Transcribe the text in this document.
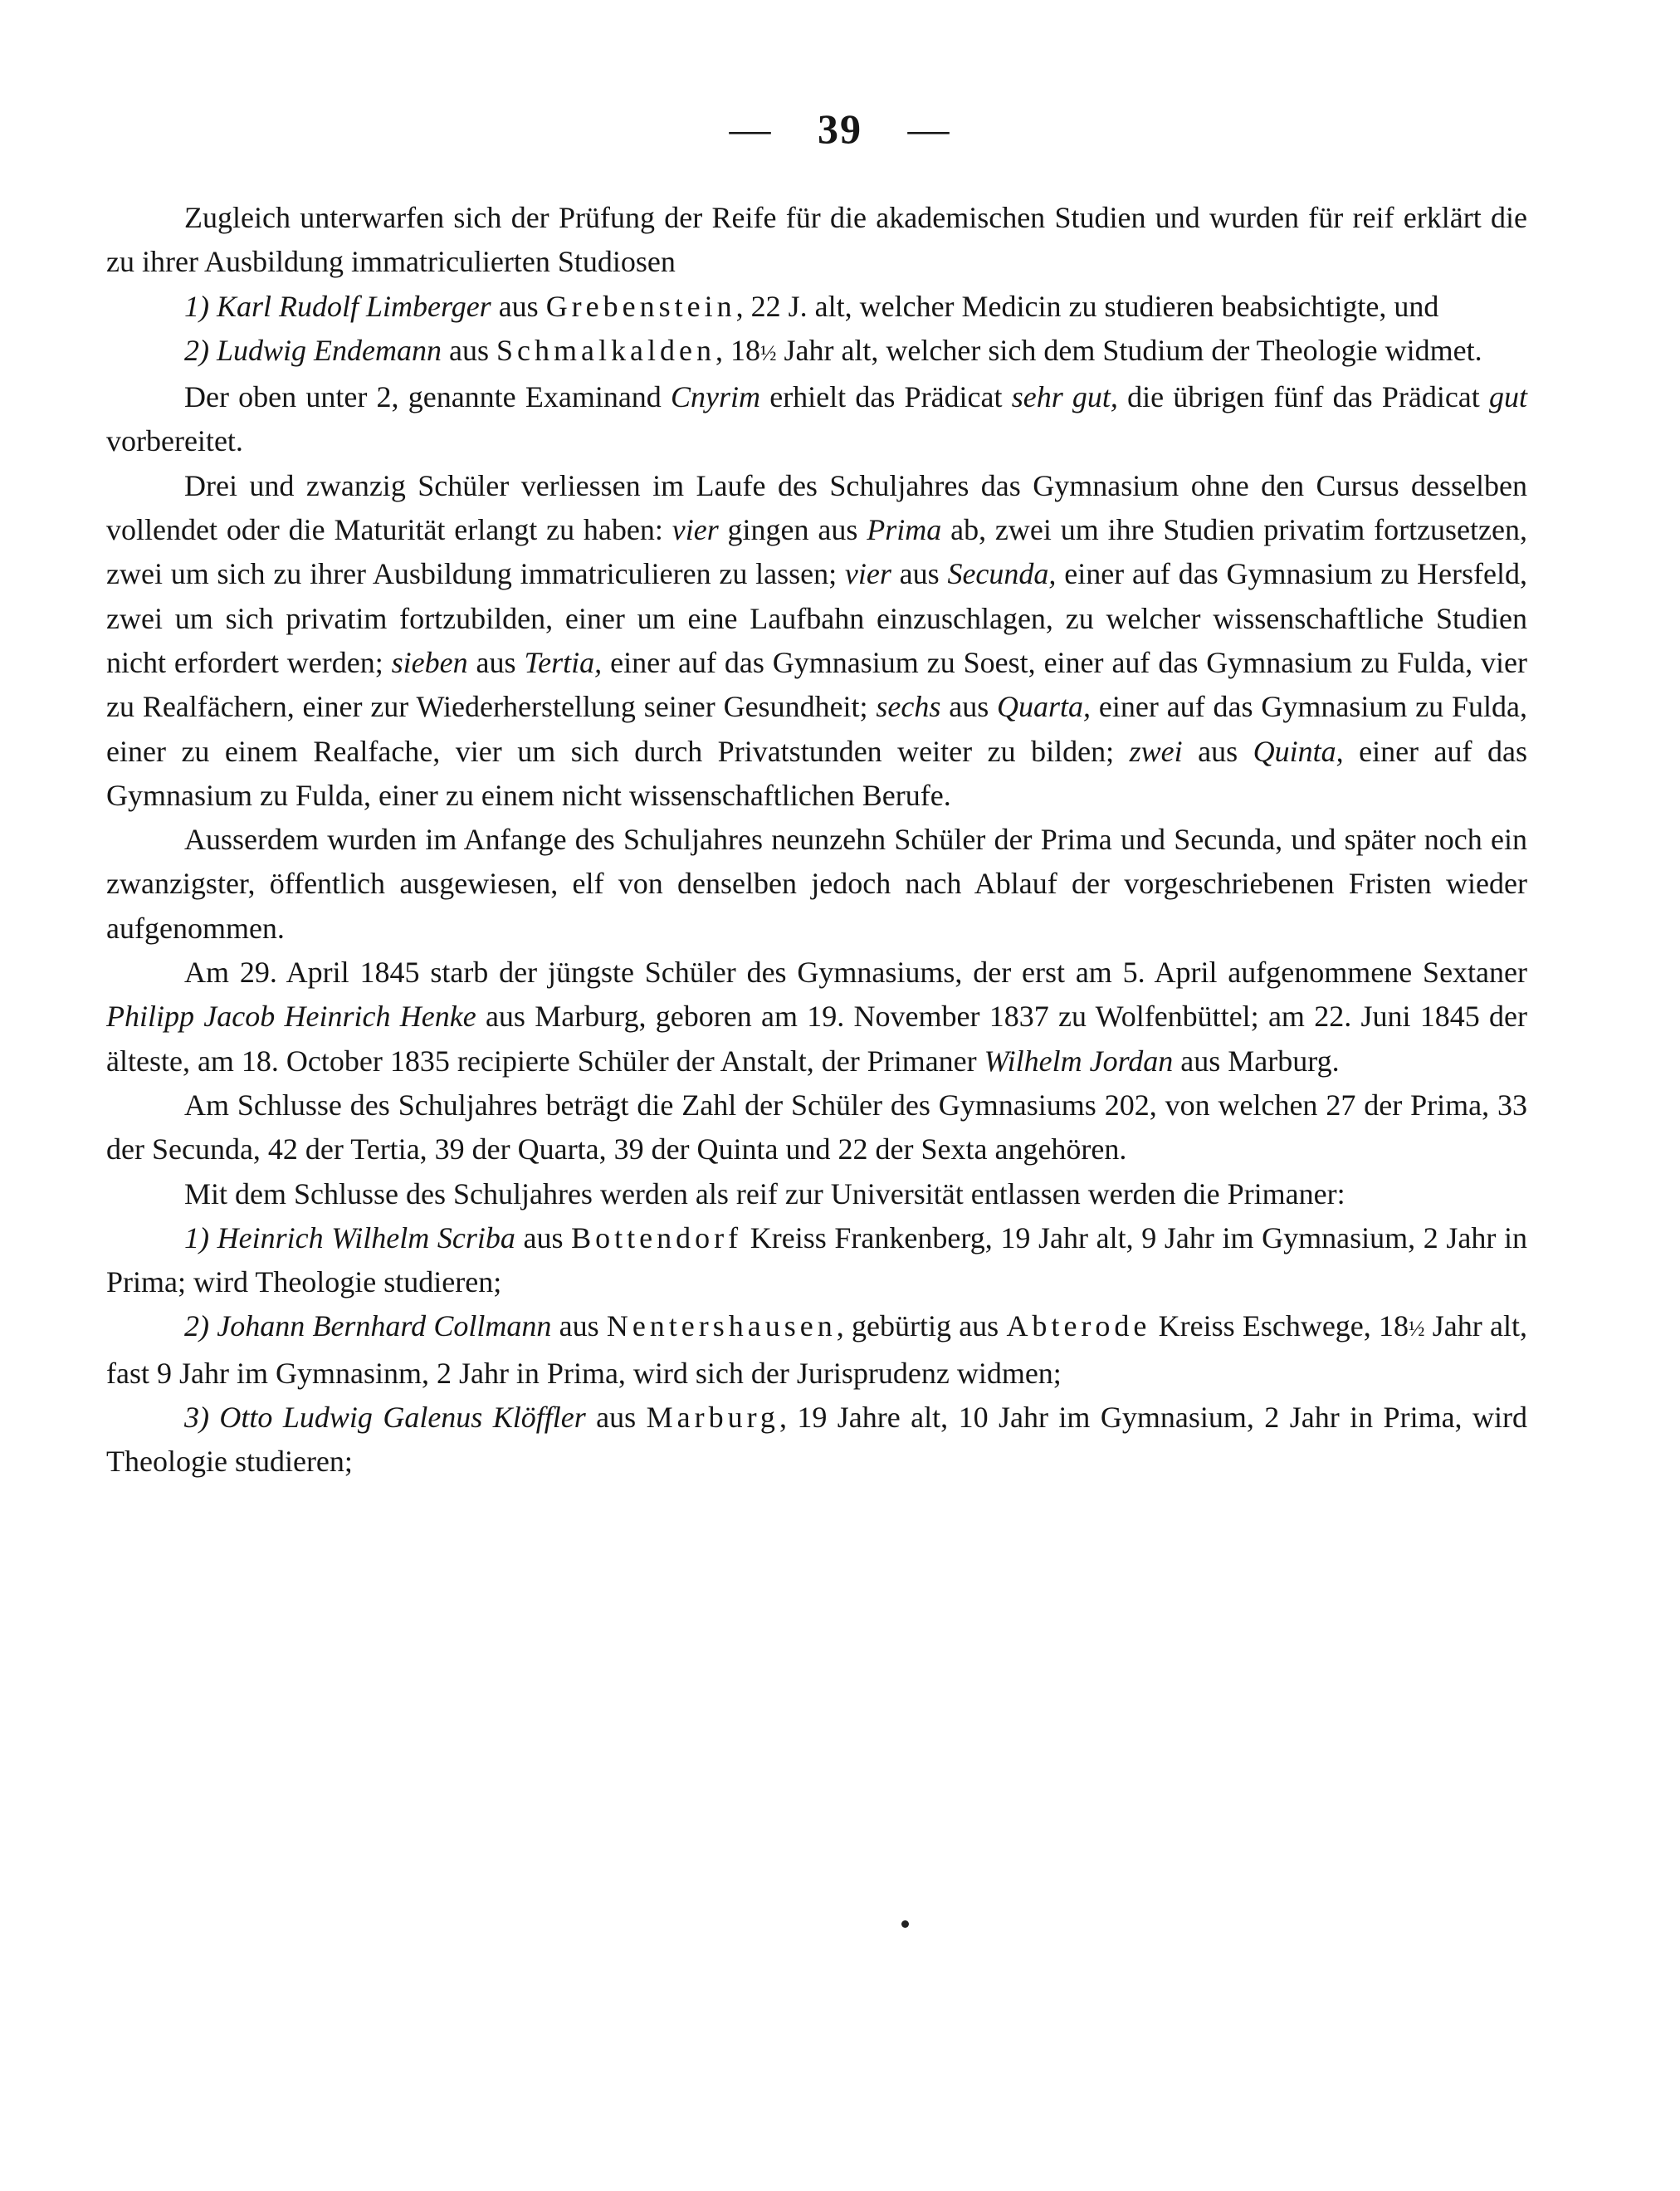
— 39 —

Zugleich unterwarfen sich der Prüfung der Reife für die akademischen Studien und wurden für reif erklärt die zu ihrer Ausbildung immatriculierten Studiosen

1) Karl Rudolf Limberger aus Grebenstein, 22 J. alt, welcher Medicin zu studieren beabsichtigte, und

2) Ludwig Endemann aus Schmalkalden, 18½ Jahr alt, welcher sich dem Studium der Theologie widmet.

Der oben unter 2, genannte Examinand Cnyrim erhielt das Prädicat sehr gut, die übrigen fünf das Prädicat gut vorbereitet.

Drei und zwanzig Schüler verliessen im Laufe des Schuljahres das Gymnasium ohne den Cursus desselben vollendet oder die Maturität erlangt zu haben: vier gingen aus Prima ab, zwei um ihre Studien privatim fortzusetzen, zwei um sich zu ihrer Ausbildung immatriculieren zu lassen; vier aus Secunda, einer auf das Gymnasium zu Hersfeld, zwei um sich privatim fortzubilden, einer um eine Laufbahn einzuschlagen, zu welcher wissenschaftliche Studien nicht erfordert werden; sieben aus Tertia, einer auf das Gymnasium zu Soest, einer auf das Gymnasium zu Fulda, vier zu Realfächern, einer zur Wiederherstellung seiner Gesundheit; sechs aus Quarta, einer auf das Gymnasium zu Fulda, einer zu einem Realfache, vier um sich durch Privatstunden weiter zu bilden; zwei aus Quinta, einer auf das Gymnasium zu Fulda, einer zu einem nicht wissenschaftlichen Berufe.

Ausserdem wurden im Anfange des Schuljahres neunzehn Schüler der Prima und Secunda, und später noch ein zwanzigster, öffentlich ausgewiesen, elf von denselben jedoch nach Ablauf der vorgeschriebenen Fristen wieder aufgenommen.

Am 29. April 1845 starb der jüngste Schüler des Gymnasiums, der erst am 5. April aufgenommene Sextaner Philipp Jacob Heinrich Henke aus Marburg, geboren am 19. November 1837 zu Wolfenbüttel; am 22. Juni 1845 der älteste, am 18. October 1835 recipierte Schüler der Anstalt, der Primaner Wilhelm Jordan aus Marburg.

Am Schlusse des Schuljahres beträgt die Zahl der Schüler des Gymnasiums 202, von welchen 27 der Prima, 33 der Secunda, 42 der Tertia, 39 der Quarta, 39 der Quinta und 22 der Sexta angehören.

Mit dem Schlusse des Schuljahres werden als reif zur Universität entlassen werden die Primaner:

1) Heinrich Wilhelm Scriba aus Bottendorf Kreiss Frankenberg, 19 Jahr alt, 9 Jahr im Gymnasium, 2 Jahr in Prima; wird Theologie studieren;

2) Johann Bernhard Collmann aus Nentershausen, gebürtig aus Abterode Kreiss Eschwege, 18½ Jahr alt, fast 9 Jahr im Gymnasinm, 2 Jahr in Prima, wird sich der Jurisprudenz widmen;

3) Otto Ludwig Galenus Klöffler aus Marburg, 19 Jahre alt, 10 Jahr im Gymnasium, 2 Jahr in Prima, wird Theologie studieren;
